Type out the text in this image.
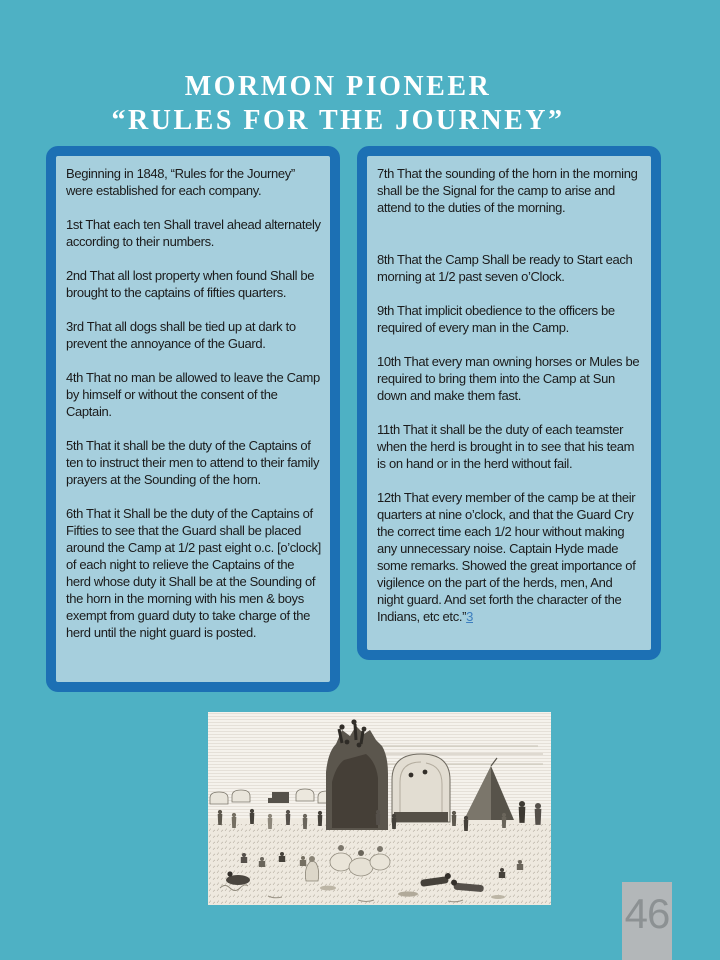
MORMON PIONEER
“RULES FOR THE JOURNEY”

Beginning in 1848, “Rules for the Journey” were established for each company.

1st That each ten Shall travel ahead alternately according to their numbers.

2nd That all lost property when found Shall be brought to the captains of fifties quarters.

3rd That all dogs shall be tied up at dark to prevent the annoyance of the Guard.

4th That no man be allowed to leave the Camp by himself or without the consent of the Captain.

5th That it shall be the duty of the Captains of ten to instruct their men to attend to their family prayers at the Sounding of the horn.

6th That it Shall be the duty of the Captains of Fifties to see that the Guard shall be placed around the Camp at 1/2 past eight o.c. [o’clock] of each night to relieve the Captains of the herd whose duty it Shall be at the Sounding of the horn in the morning with his men & boys exempt from guard duty to take charge of the herd until the night guard is posted.

7th That the sounding of the horn in the morning shall be the Signal for the camp to arise and attend to the duties of the morning.

8th That the Camp Shall be ready to Start each morning at 1/2 past seven o’Clock.

9th That implicit obedience to the officers be required of every man in the Camp.

10th That every man owning horses or Mules be required to bring them into the Camp at Sun down and make them fast.

11th That it shall be the duty of each teamster when the herd is brought in to see that his team is on hand or in the herd without fail.

12th That every member of the camp be at their quarters at nine o’clock, and that the Guard Cry the correct time each 1/2 hour without making any unnecessary noise. Captain Hyde made some remarks. Showed the great importance of vigilence on the part of the herds, men, And night guard. And set forth the character of the Indians, etc etc.”3

46
